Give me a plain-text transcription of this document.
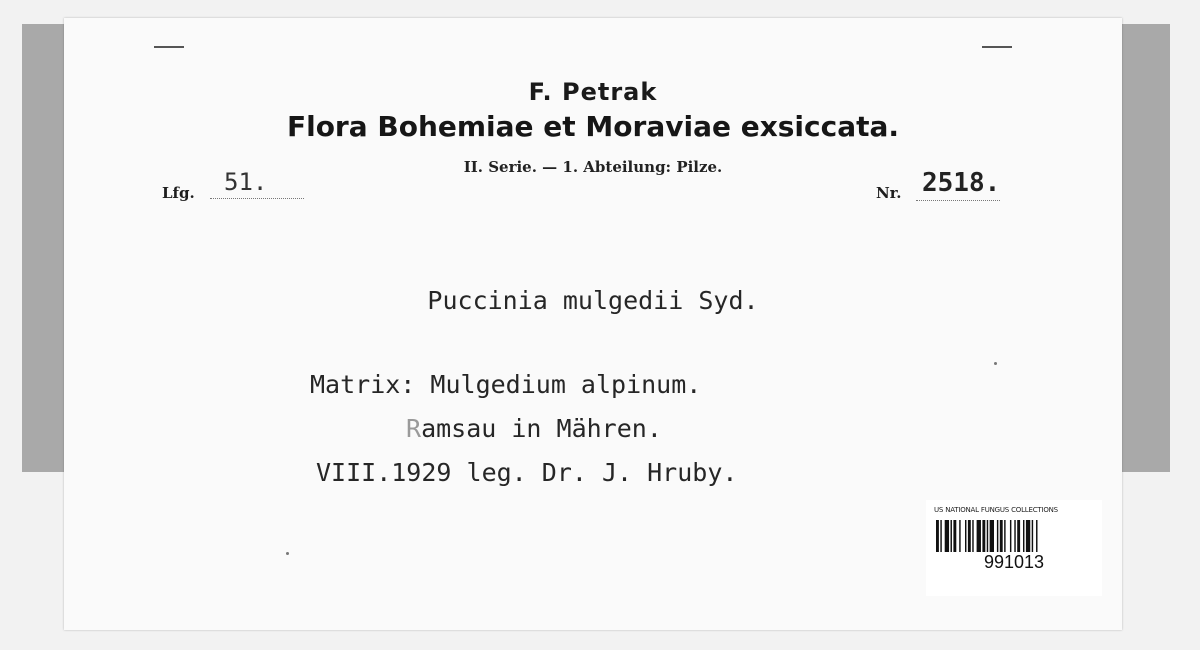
F. Petrak
Flora Bohemiae et Moraviae exsiccata.
II. Serie. — 1. Abteilung: Pilze.
Lfg.	51.	Nr. 2518.
Puccinia mulgedii Syd.
Matrix: Mulgedium alpinum.
Ramsau in Mähren.
VIII.1929 leg. Dr. J. Hruby.
US NATIONAL FUNGUS COLLECTIONS
991013
